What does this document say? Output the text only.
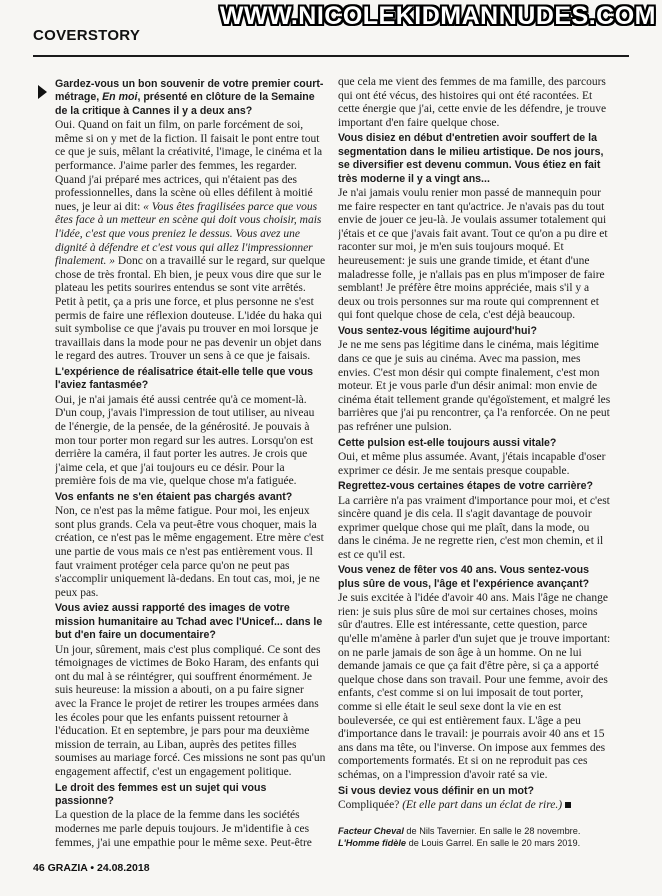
WWW.NICOLEKIDMANNUDES.COM
COVERSTORY

Gardez-vous un bon souvenir de votre premier court-métrage, En moi, présenté en clôture de la Semaine de la critique à Cannes il y a deux ans?

Oui. Quand on fait un film, on parle forcément de soi, même si on y met de la fiction. Il faisait le pont entre tout ce que je suis, mêlant la créativité, l'image, le cinéma et la performance. J'aime parler des femmes, les regarder. Quand j'ai préparé mes actrices, qui n'étaient pas des professionnelles, dans la scène où elles défilent à moitié nues, je leur ai dit: « Vous êtes fragilisées parce que vous êtes face à un metteur en scène qui doit vous choisir, mais l'idée, c'est que vous preniez le dessus. Vous avez une dignité à défendre et c'est vous qui allez l'impressionner finalement. » Donc on a travaillé sur le regard, sur quelque chose de très frontal. Eh bien, je peux vous dire que sur le plateau les petits sourires entendus se sont vite arrêtés. Petit à petit, ça a pris une force, et plus personne ne s'est permis de faire une réflexion douteuse. L'idée du haka qui suit symbolise ce que j'avais pu trouver en moi lorsque je travaillais dans la mode pour ne pas devenir un objet dans le regard des autres. Trouver un sens à ce que je faisais.

L'expérience de réalisatrice était-elle telle que vous l'aviez fantasmée?

Oui, je n'ai jamais été aussi centrée qu'à ce moment-là. D'un coup, j'avais l'impression de tout utiliser, au niveau de l'énergie, de la pensée, de la générosité. Je pouvais à mon tour porter mon regard sur les autres. Lorsqu'on est derrière la caméra, il faut porter les autres. Je crois que j'aime cela, et que j'ai toujours eu ce désir. Pour la première fois de ma vie, quelque chose m'a fatiguée.

Vos enfants ne s'en étaient pas chargés avant?

Non, ce n'est pas la même fatigue. Pour moi, les enjeux sont plus grands. Cela va peut-être vous choquer, mais la création, ce n'est pas le même engagement. Etre mère c'est une partie de vous mais ce n'est pas entièrement vous. Il faut vraiment protéger cela parce qu'on ne peut pas s'accomplir uniquement là-dedans. En tout cas, moi, je ne peux pas.

Vous aviez aussi rapporté des images de votre mission humanitaire au Tchad avec l'Unicef... dans le but d'en faire un documentaire?

Un jour, sûrement, mais c'est plus compliqué. Ce sont des témoignages de victimes de Boko Haram, des enfants qui ont du mal à se réintégrer, qui souffrent énormément. Je suis heureuse: la mission a abouti, on a pu faire signer avec la France le projet de retirer les troupes armées dans les écoles pour que les enfants puissent retourner à l'éducation. Et en septembre, je pars pour ma deuxième mission de terrain, au Liban, auprès des petites filles soumises au mariage forcé. Ces missions ne sont pas qu'un engagement affectif, c'est un engagement politique.

Le droit des femmes est un sujet qui vous passionne?

La question de la place de la femme dans les sociétés modernes me parle depuis toujours. Je m'identifie à ces femmes, j'ai une empathie pour le même sexe. Peut-être

que cela me vient des femmes de ma famille, des parcours qui ont été vécus, des histoires qui ont été racontées. Et cette énergie que j'ai, cette envie de les défendre, je trouve important d'en faire quelque chose.

Vous disiez en début d'entretien avoir souffert de la segmentation dans le milieu artistique. De nos jours, se diversifier est devenu commun. Vous étiez en fait très moderne il y a vingt ans...

Je n'ai jamais voulu renier mon passé de mannequin pour me faire respecter en tant qu'actrice. Je n'avais pas du tout envie de jouer ce jeu-là. Je voulais assumer totalement qui j'étais et ce que j'avais fait avant. Tout ce qu'on a pu dire et raconter sur moi, je m'en suis toujours moqué. Et heureusement: je suis une grande timide, et étant d'une maladresse folle, je n'allais pas en plus m'imposer de faire semblant! Je préfère être moins appréciée, mais s'il y a deux ou trois personnes sur ma route qui comprennent et qui font quelque chose de cela, c'est déjà beaucoup.

Vous sentez-vous légitime aujourd'hui?

Je ne me sens pas légitime dans le cinéma, mais légitime dans ce que je suis au cinéma. Avec ma passion, mes envies. C'est mon désir qui compte finalement, c'est mon moteur. Et je vous parle d'un désir animal: mon envie de cinéma était tellement grande qu'égoïstement, et malgré les barrières que j'ai pu rencontrer, ça l'a renforcée. On ne peut pas refréner une pulsion.

Cette pulsion est-elle toujours aussi vitale?

Oui, et même plus assumée. Avant, j'étais incapable d'oser exprimer ce désir. Je me sentais presque coupable.

Regrettez-vous certaines étapes de votre carrière?

La carrière n'a pas vraiment d'importance pour moi, et c'est sincère quand je dis cela. Il s'agit davantage de pouvoir exprimer quelque chose qui me plaît, dans la mode, ou dans le cinéma. Je ne regrette rien, c'est mon chemin, et il est ce qu'il est.

Vous venez de fêter vos 40 ans. Vous sentez-vous plus sûre de vous, l'âge et l'expérience avançant?

Je suis excitée à l'idée d'avoir 40 ans. Mais l'âge ne change rien: je suis plus sûre de moi sur certaines choses, moins sûr d'autres. Elle est intéressante, cette question, parce qu'elle m'amène à parler d'un sujet que je trouve important: on ne parle jamais de son âge à un homme. On ne lui demande jamais ce que ça fait d'être père, si ça a apporté quelque chose dans son travail. Pour une femme, avoir des enfants, c'est comme si on lui imposait de tout porter, comme si elle était le seul sexe dont la vie en est bouleversée, ce qui est entièrement faux. L'âge a peu d'importance dans le travail: je pourrais avoir 40 ans et 15 ans dans ma tête, ou l'inverse. On impose aux femmes des comportements formatés. Et si on ne reproduit pas ces schémas, on a l'impression d'avoir raté sa vie.

Si vous deviez vous définir en un mot?

Compliquée? (Et elle part dans un éclat de rire.)

Facteur Cheval de Nils Tavernier. En salle le 28 novembre.
L'Homme fidèle de Louis Garrel. En salle le 20 mars 2019.
46 GRAZIA • 24.08.2018
